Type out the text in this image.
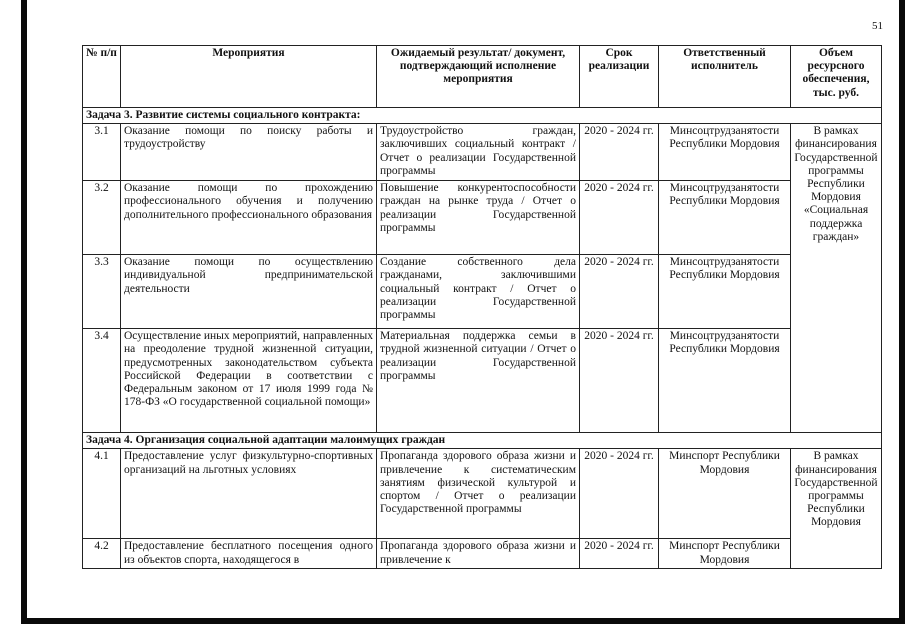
51
№ п/п	Мероприятия	Ожидаемый результат/ документ, подтверждающий исполнение мероприятия	Срок реализации	Ответственный исполнитель	Объем ресурсного обеспечения, тыс. руб.
Задача 3. Развитие системы социального контракта:					
3.1	Оказание помощи по поиску работы и трудоустройству	Трудоустройство граждан, заключивших социальный контракт / Отчет о реализации Государственной программы	2020 - 2024 гг.	Минсоцтрудзанятости Республики Мордовия	В рамках финансирования Государственной программы Республики Мордовия «Социальная поддержка граждан»
3.2	Оказание помощи по прохождению профессионального обучения и получению дополнительного профессионального образования	Повышение конкурентоспособности граждан на рынке труда / Отчет о реализации Государственной программы	2020 - 2024 гг.	Минсоцтрудзанятости Республики Мордовия	
3.3	Оказание помощи по осуществлению индивидуальной предпринимательской деятельности	Создание собственного дела гражданами, заключившими социальный контракт / Отчет о реализации Государственной программы	2020 - 2024 гг.	Минсоцтрудзанятости Республики Мордовия	
3.4	Осуществление иных мероприятий, направленных на преодоление трудной жизненной ситуации, предусмотренных законодательством субъекта Российской Федерации в соответствии с Федеральным законом от 17 июля 1999 года № 178-ФЗ «О государственной социальной помощи»	Материальная поддержка семьи в трудной жизненной ситуации / Отчет о реализации Государственной программы	2020 - 2024 гг.	Минсоцтрудзанятости Республики Мордовия	
Задача 4. Организация социальной адаптации малоимущих граждан					
4.1	Предоставление услуг физкультурно-спортивных организаций на льготных условиях	Пропаганда здорового образа жизни и привлечение к систематическим занятиям физической культурой и спортом / Отчет о реализации Государственной программы	2020 - 2024 гг.	Минспорт Республики Мордовия	В рамках финансирования Государственной программы Республики Мордовия
4.2	Предоставление бесплатного посещения одного из объектов спорта, находящегося в	Пропаганда здорового образа жизни и привлечение к	2020 - 2024 гг.	Минспорт Республики Мордовия	
